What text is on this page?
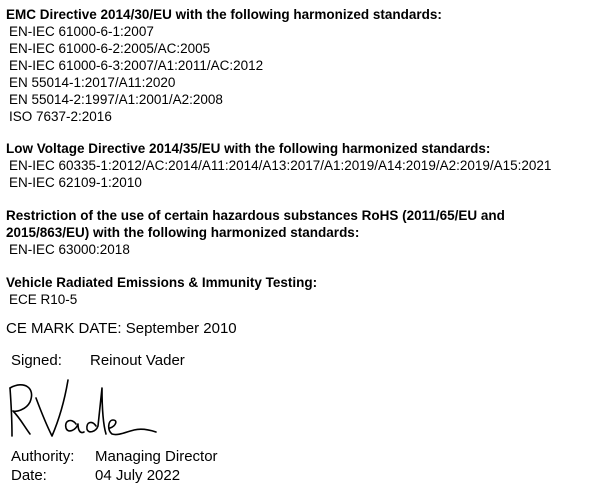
EMC Directive 2014/30/EU with the following harmonized standards:
EN-IEC 61000-6-1:2007
EN-IEC 61000-6-2:2005/AC:2005
EN-IEC 61000-6-3:2007/A1:2011/AC:2012
EN 55014-1:2017/A11:2020
EN 55014-2:1997/A1:2001/A2:2008
ISO 7637-2:2016
Low Voltage Directive 2014/35/EU with the following harmonized standards:
EN-IEC 60335-1:2012/AC:2014/A11:2014/A13:2017/A1:2019/A14:2019/A2:2019/A15:2021
EN-IEC 62109-1:2010
Restriction of the use of certain hazardous substances RoHS (2011/65/EU and 2015/863/EU) with the following harmonized standards:
EN-IEC 63000:2018
Vehicle Radiated Emissions & Immunity Testing:
ECE R10-5
CE MARK DATE: September 2010
Signed: Reinout Vader
Authority: Managing Director
Date:	04 July 2022
